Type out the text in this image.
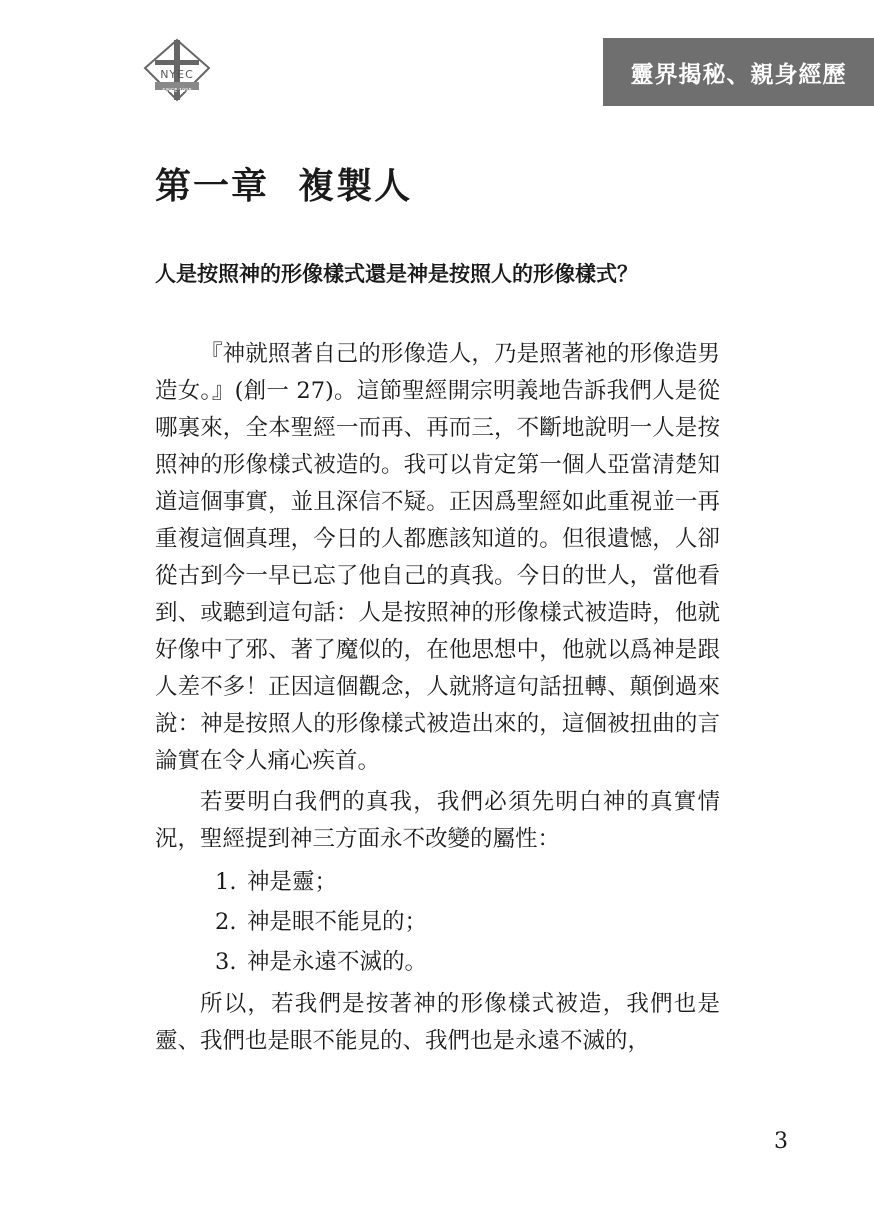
NYEC
SINCE 1998
靈界揭秘、親身經歷
第一章  複製人
人是按照神的形像樣式還是神是按照人的形像樣式？

『神就照著自己的形像造人，乃是照著祂的形像造男造女。』(創一 27)。這節聖經開宗明義地告訴我們人是從哪裏來，全本聖經一而再、再而三，不斷地說明一人是按照神的形像樣式被造的。我可以肯定第一個人亞當清楚知道這個事實，並且深信不疑。正因爲聖經如此重視並一再重複這個真理，今日的人都應該知道的。但很遺憾，人卻從古到今一早已忘了他自己的真我。今日的世人，當他看到、或聽到這句話：人是按照神的形像樣式被造時，他就好像中了邪、著了魔似的，在他思想中，他就以爲神是跟人差不多！正因這個觀念，人就將這句話扭轉、顛倒過來說：神是按照人的形像樣式被造出來的，這個被扭曲的言論實在令人痛心疾首。

若要明白我們的真我，我們必須先明白神的真實情況，聖經提到神三方面永不改變的屬性：

1. 神是靈；
2. 神是眼不能見的；
3. 神是永遠不滅的。

所以，若我們是按著神的形像樣式被造，我們也是靈、我們也是眼不能見的、我們也是永遠不滅的，

3
